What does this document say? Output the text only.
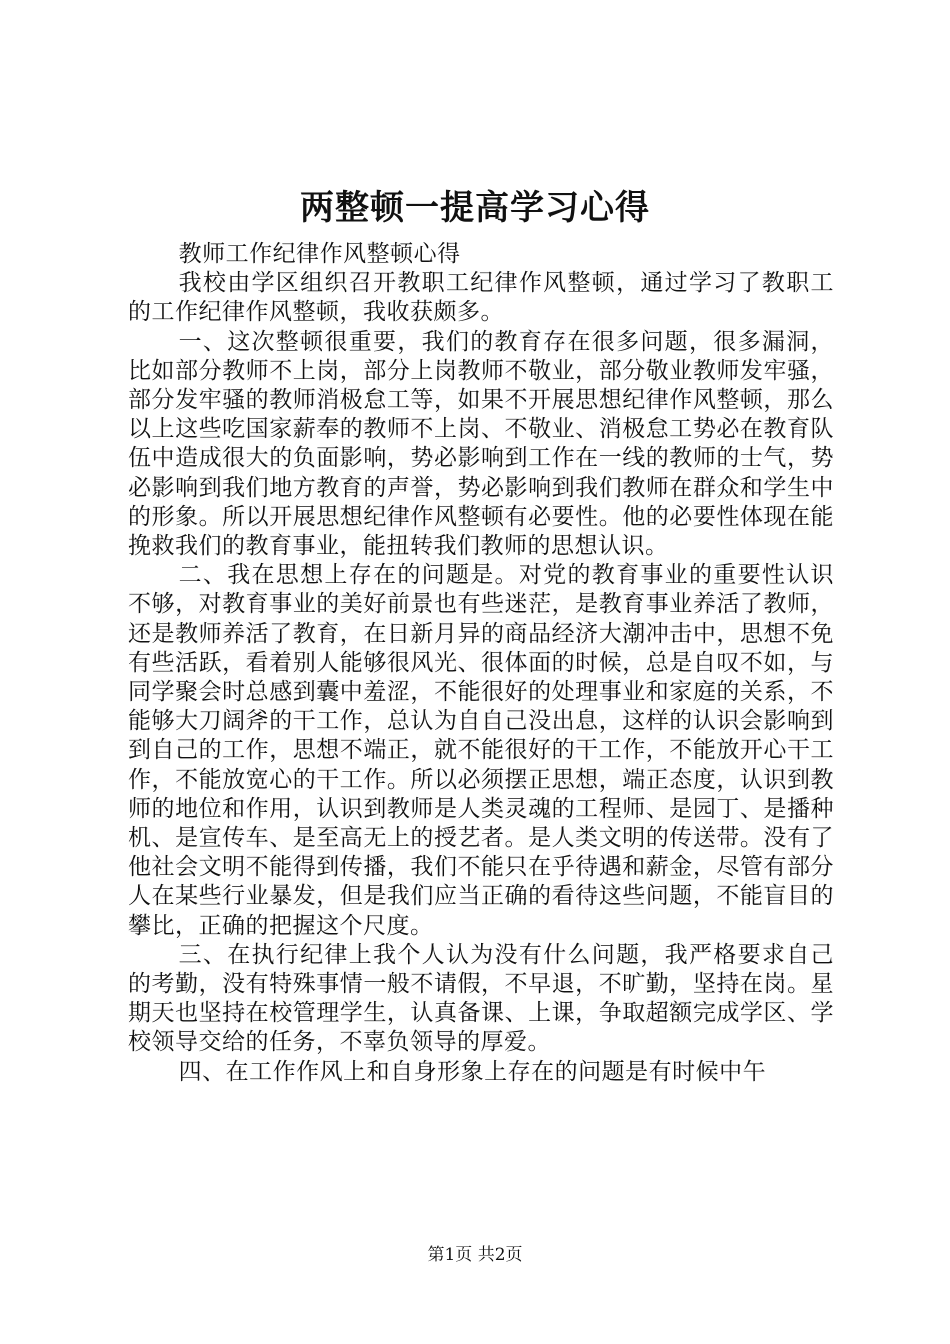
两整顿一提高学习心得

教师工作纪律作风整顿心得

我校由学区组织召开教职工纪律作风整顿，通过学习了教职工的工作纪律作风整顿，我收获颇多。

一、这次整顿很重要，我们的教育存在很多问题，很多漏洞，比如部分教师不上岗，部分上岗教师不敬业，部分敬业教师发牢骚，部分发牢骚的教师消极怠工等，如果不开展思想纪律作风整顿，那么以上这些吃国家薪奉的教师不上岗、不敬业、消极怠工势必在教育队伍中造成很大的负面影响，势必影响到工作在一线的教师的士气，势必影响到我们地方教育的声誉，势必影响到我们教师在群众和学生中的形象。所以开展思想纪律作风整顿有必要性。他的必要性体现在能挽救我们的教育事业，能扭转我们教师的思想认识。

二、我在思想上存在的问题是。对党的教育事业的重要性认识不够，对教育事业的美好前景也有些迷茫，是教育事业养活了教师，还是教师养活了教育，在日新月异的商品经济大潮冲击中，思想不免有些活跃，看着别人能够很风光、很体面的时候，总是自叹不如，与同学聚会时总感到囊中羞涩，不能很好的处理事业和家庭的关系，不能够大刀阔斧的干工作，总认为自自己没出息，这样的认识会影响到到自己的工作，思想不端正，就不能很好的干工作，不能放开心干工作，不能放宽心的干工作。所以必须摆正思想，端正态度，认识到教师的地位和作用，认识到教师是人类灵魂的工程师、是园丁、是播种机、是宣传车、是至高无上的授艺者。是人类文明的传送带。没有了他社会文明不能得到传播，我们不能只在乎待遇和薪金，尽管有部分人在某些行业暴发，但是我们应当正确的看待这些问题，不能盲目的攀比，正确的把握这个尺度。

三、在执行纪律上我个人认为没有什么问题，我严格要求自己的考勤，没有特殊事情一般不请假，不早退，不旷勤，坚持在岗。星期天也坚持在校管理学生，认真备课、上课，争取超额完成学区、学校领导交给的任务，不辜负领导的厚爱。

四、在工作作风上和自身形象上存在的问题是有时候中午

第1页 共2页
